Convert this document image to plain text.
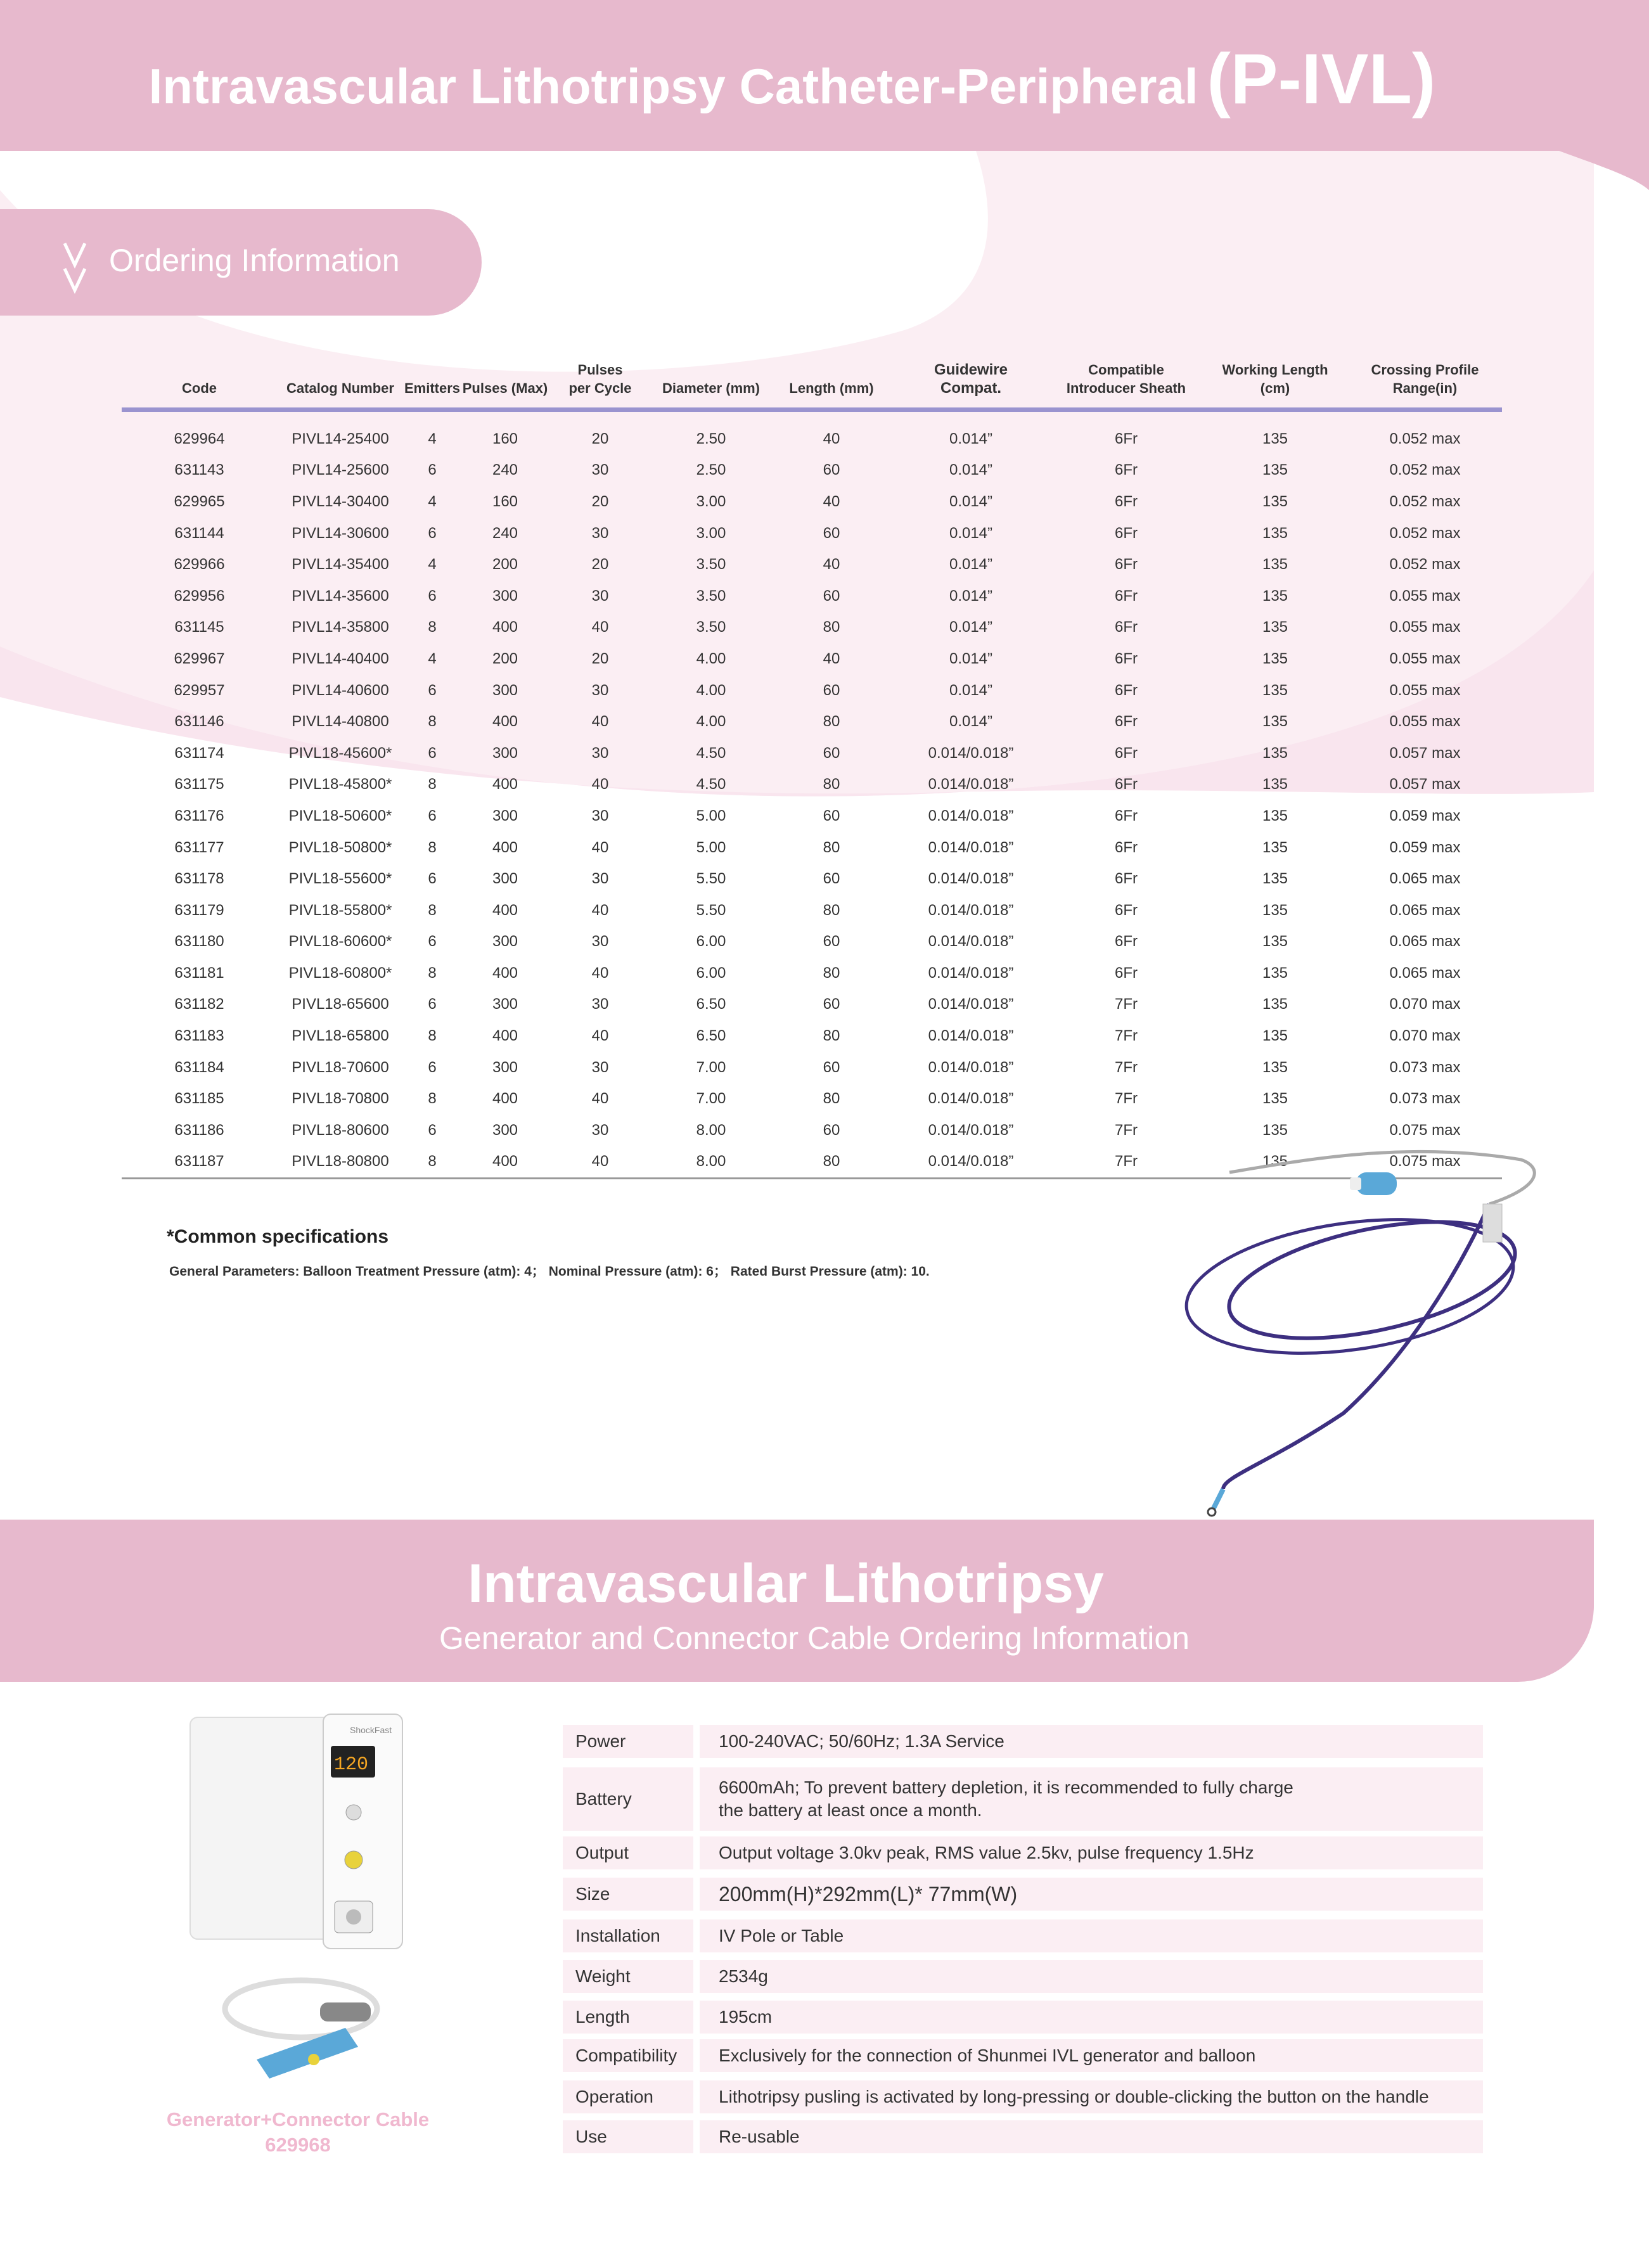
Intravascular Lithotripsy Catheter-Peripheral (P-IVL)
Ordering Information
Code	Catalog Number	Emitters	Pulses (Max)	Pulses
per Cycle	Diameter (mm)	Length (mm)	Guidewire
Compat.	Compatible
Introducer Sheath	Working Length
(cm)	Crossing Profile
Range(in)
629964	PIVL14-25400	4	160	20	2.50	40	0.014”	6Fr	135	0.052 max
631143	PIVL14-25600	6	240	30	2.50	60	0.014”	6Fr	135	0.052 max
629965	PIVL14-30400	4	160	20	3.00	40	0.014”	6Fr	135	0.052 max
631144	PIVL14-30600	6	240	30	3.00	60	0.014”	6Fr	135	0.052 max
629966	PIVL14-35400	4	200	20	3.50	40	0.014”	6Fr	135	0.052 max
629956	PIVL14-35600	6	300	30	3.50	60	0.014”	6Fr	135	0.055 max
631145	PIVL14-35800	8	400	40	3.50	80	0.014”	6Fr	135	0.055 max
629967	PIVL14-40400	4	200	20	4.00	40	0.014”	6Fr	135	0.055 max
629957	PIVL14-40600	6	300	30	4.00	60	0.014”	6Fr	135	0.055 max
631146	PIVL14-40800	8	400	40	4.00	80	0.014”	6Fr	135	0.055 max
631174	PIVL18-45600*	6	300	30	4.50	60	0.014/0.018”	6Fr	135	0.057 max
631175	PIVL18-45800*	8	400	40	4.50	80	0.014/0.018”	6Fr	135	0.057 max
631176	PIVL18-50600*	6	300	30	5.00	60	0.014/0.018”	6Fr	135	0.059 max
631177	PIVL18-50800*	8	400	40	5.00	80	0.014/0.018”	6Fr	135	0.059 max
631178	PIVL18-55600*	6	300	30	5.50	60	0.014/0.018”	6Fr	135	0.065 max
631179	PIVL18-55800*	8	400	40	5.50	80	0.014/0.018”	6Fr	135	0.065 max
631180	PIVL18-60600*	6	300	30	6.00	60	0.014/0.018”	6Fr	135	0.065 max
631181	PIVL18-60800*	8	400	40	6.00	80	0.014/0.018”	6Fr	135	0.065 max
631182	PIVL18-65600	6	300	30	6.50	60	0.014/0.018”	7Fr	135	0.070 max
631183	PIVL18-65800	8	400	40	6.50	80	0.014/0.018”	7Fr	135	0.070 max
631184	PIVL18-70600	6	300	30	7.00	60	0.014/0.018”	7Fr	135	0.073 max
631185	PIVL18-70800	8	400	40	7.00	80	0.014/0.018”	7Fr	135	0.073 max
631186	PIVL18-80600	6	300	30	8.00	60	0.014/0.018”	7Fr	135	0.075 max
631187	PIVL18-80800	8	400	40	8.00	80	0.014/0.018”	7Fr	135	0.075 max
*Common specifications
General Parameters: Balloon Treatment Pressure (atm): 4； Nominal Pressure (atm): 6； Rated Burst Pressure (atm): 10.
Intravascular Lithotripsy
Generator and Connector Cable Ordering Information
ShockFast
120
Generator+Connector Cable
629968
Power	100-240VAC; 50/60Hz; 1.3A Service
Battery
6600mAh; To prevent battery depletion, it is recommended to fully charge the battery at least once a month.
Output	Output voltage 3.0kv peak, RMS value 2.5kv, pulse frequency 1.5Hz
Size	200mm(H)*292mm(L)* 77mm(W)
Installation	IV Pole or Table
Weight	2534g
Length	195cm
Compatibility Exclusively for the connection of Shunmei IVL generator and balloon
Operation	Lithotripsy pusling is activated by long-pressing or double-clicking the button on the handle
Use	Re-usable
